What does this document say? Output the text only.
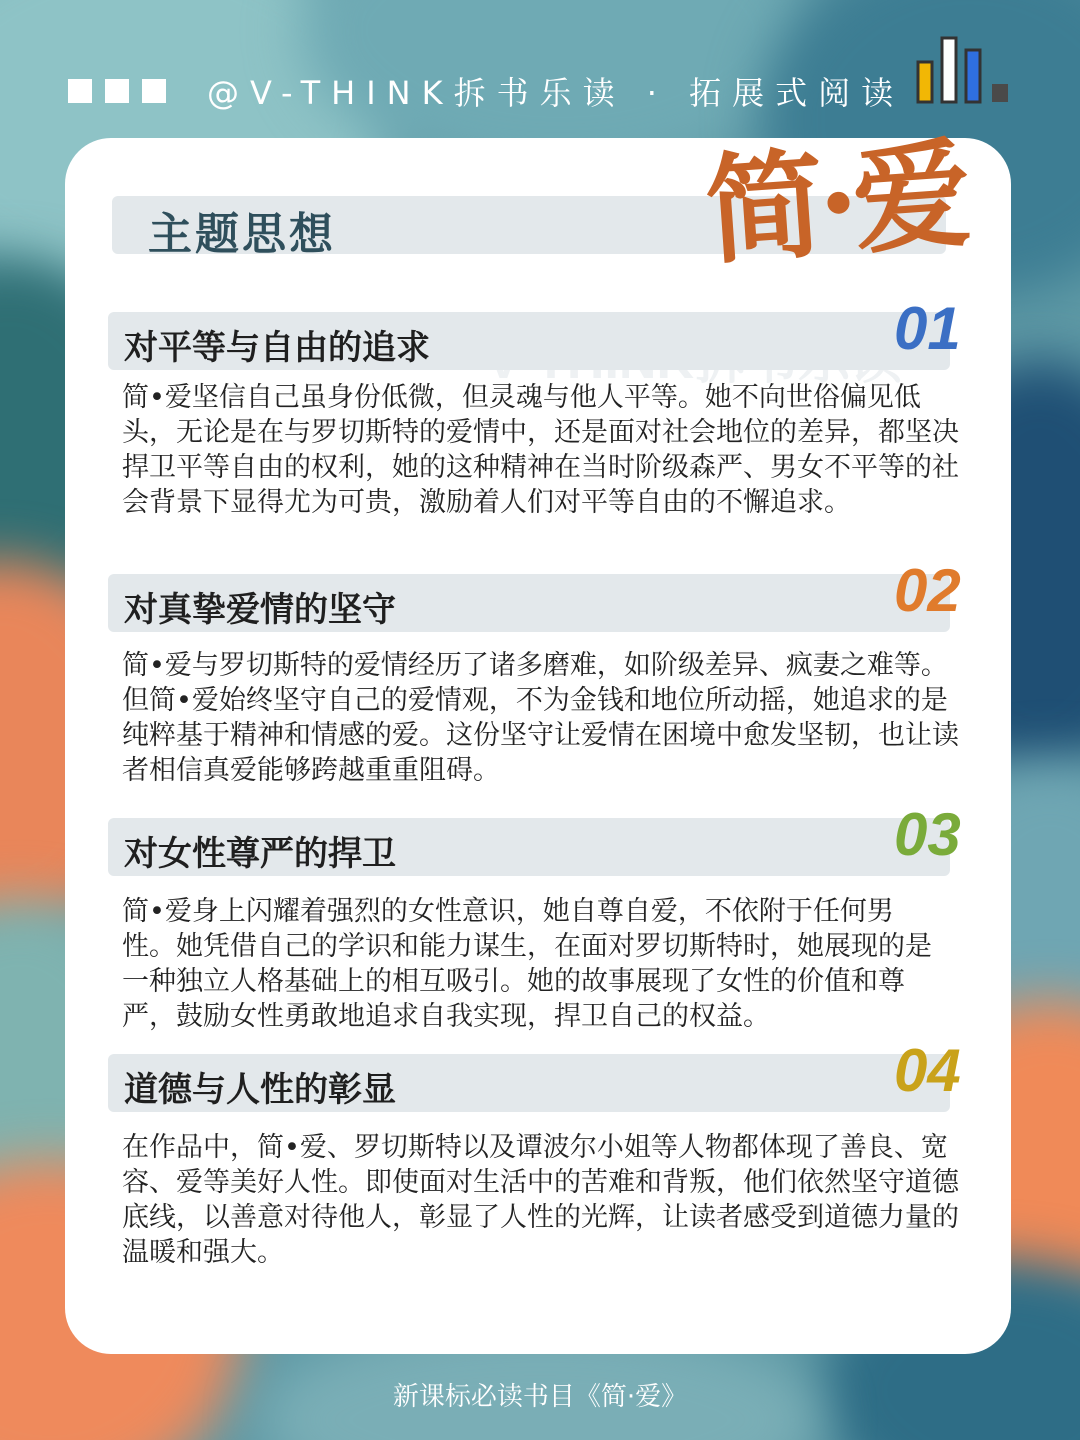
@V-THINK拆书乐读 · 拓展式阅读
主题思想	简·爱
对平等与自由的追求	01

简•爱坚信自己虽身份低微，但灵魂与他人平等。她不向世俗偏见低头，无论是在与罗切斯特的爱情中，还是面对社会地位的差异，都坚决捍卫平等自由的权利，她的这种精神在当时阶级森严、男女不平等的社会背景下显得尤为可贵，激励着人们对平等自由的不懈追求。

对真挚爱情的坚守	02

简•爱与罗切斯特的爱情经历了诸多磨难，如阶级差异、疯妻之难等。但简•爱始终坚守自己的爱情观，不为金钱和地位所动摇，她追求的是纯粹基于精神和情感的爱。这份坚守让爱情在困境中愈发坚韧，也让读者相信真爱能够跨越重重阻碍。

对女性尊严的捍卫	03

简•爱身上闪耀着强烈的女性意识，她自尊自爱，不依附于任何男性。她凭借自己的学识和能力谋生，在面对罗切斯特时，她展现的是一种独立人格基础上的相互吸引。她的故事展现了女性的价值和尊严，鼓励女性勇敢地追求自我实现，捍卫自己的权益。

道德与人性的彰显	04

在作品中，简•爱、罗切斯特以及谭波尔小姐等人物都体现了善良、宽容、爱等美好人性。即使面对生活中的苦难和背叛，他们依然坚守道德底线，以善意对待他人，彰显了人性的光辉，让读者感受到道德力量的温暖和强大。

新课标必读书目《简·爱》
